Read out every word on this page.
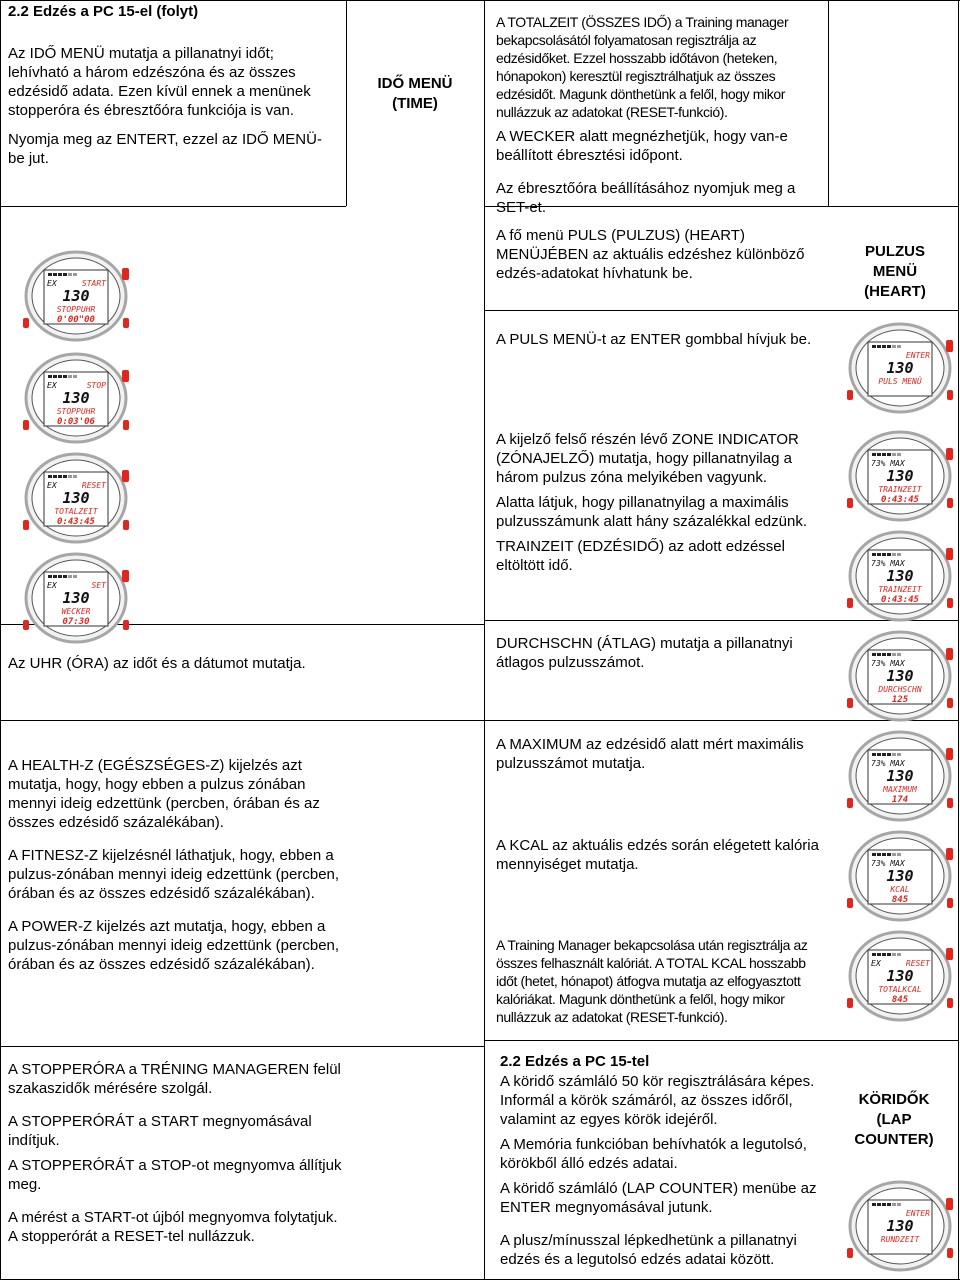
2.2 Edzés a PC 15-el (folyt)

Az IDŐ MENÜ mutatja a pillanatnyi időt; lehívható a három edzészóna és az összes edzésidő adata. Ezen kívül ennek a menünek stopperóra és ébresztőóra funkciója is van.

Nyomja meg az ENTERT, ezzel az IDŐ MENÜ-be jut.

IDŐ MENÜ
(TIME)

A TOTALZEIT (ÖSSZES IDŐ) a Training manager bekapcsolásától folyamatosan regisztrálja az edzésidőket. Ezzel hosszabb időtávon (heteken, hónapokon) keresztül regisztrálhatjuk az összes edzésidőt. Magunk dönthetünk a felől, hogy mikor nullázzuk az adatokat (RESET-funkció).

A WECKER alatt megnézhetjük, hogy van-e beállított ébresztési időpont.

Az ébresztőóra beállításához nyomjuk meg a SET-et.

A fő menü PULS (PULZUS) (HEART) MENÜJÉBEN az aktuális edzéshez különböző edzés-adatokat hívhatunk be.
PULZUS
MENÜ
(HEART)
A PULS MENÜ-t az ENTER gombbal hívjuk be.

A kijelző felső részén lévő ZONE INDICATOR (ZÓNAJELZŐ) mutatja, hogy pillanatnyilag a három pulzus zóna melyikében vagyunk.

Alatta látjuk, hogy pillanatnyilag a maximális pulzusszámunk alatt hány százalékkal edzünk.

TRAINZEIT (EDZÉSIDŐ) az adott edzéssel eltöltött idő.

DURCHSCHN (ÁTLAG) mutatja a pillanatnyi átlagos pulzusszámot.
A MAXIMUM az edzésidő alatt mért maximális pulzusszámot mutatja.
A KCAL az aktuális edzés során elégetett kalória mennyiséget mutatja.
A Training Manager bekapcsolása után regisztrálja az összes felhasznált kalóriát. A TOTAL KCAL hosszabb időt (hetet, hónapot) átfogva mutatja az elfogyasztott kalóriákat. Magunk dönthetünk a felől, hogy mikor nullázzuk az adatokat (RESET-funkció).
Az UHR (ÓRA) az időt és a dátumot mutatja.

A HEALTH-Z (EGÉSZSÉGES-Z) kijelzés azt mutatja, hogy, hogy ebben a pulzus zónában mennyi ideig edzettünk (percben, órában és az összes edzésidő százalékában).

A FITNESZ-Z kijelzésnél láthatjuk, hogy, ebben a pulzus-zónában mennyi ideig edzettünk (percben, órában és az összes edzésidő százalékában).

A POWER-Z kijelzés azt mutatja, hogy, ebben a pulzus-zónában mennyi ideig edzettünk (percben, órában és az összes edzésidő százalékában).

A STOPPERÓRA a TRÉNING MANAGEREN felül szakaszidők mérésére szolgál.

A STOPPERÓRÁT a START megnyomásával indítjuk.

A STOPPERÓRÁT a STOP-ot megnyomva állítjuk meg.

A mérést a START-ot újból megnyomva folytatjuk. A stopperórát a RESET-tel nullázzuk.

2.2 Edzés a PC 15-tel

A köridő számláló 50 kör regisztrálására képes. Informál a körök számáról, az összes időről, valamint az egyes körök idejéről.

A Memória funkcióban behívhatók a legutolsó, körökből álló edzés adatai.

A köridő számláló (LAP COUNTER) menübe az ENTER megnyomásával jutunk.

A plusz/mínusszal lépkedhetünk a pillanatnyi edzés és a legutolsó edzés adatai között.

KÖRIDŐK
(LAP
COUNTER)
EX	START
130
STOPPUHR
0'00"00
EX	STOP
130
STOPPUHR
0:03'06
EX	RESET
130
TOTALZEIT
0:43:45
EX	SET
130
WECKER
07:30
ENTER
130
PULS MENÜ
73% MAX
130
TRAINZEIT
0:43:45
73% MAX
130
TRAINZEIT
0:43:45
73% MAX
130
DURCHSCHN
125
73% MAX
130
MAXIMUM
174
73% MAX
130
KCAL
845
EX	RESET
130
TOTALKCAL
845
ENTER
130
RUNDZEIT
